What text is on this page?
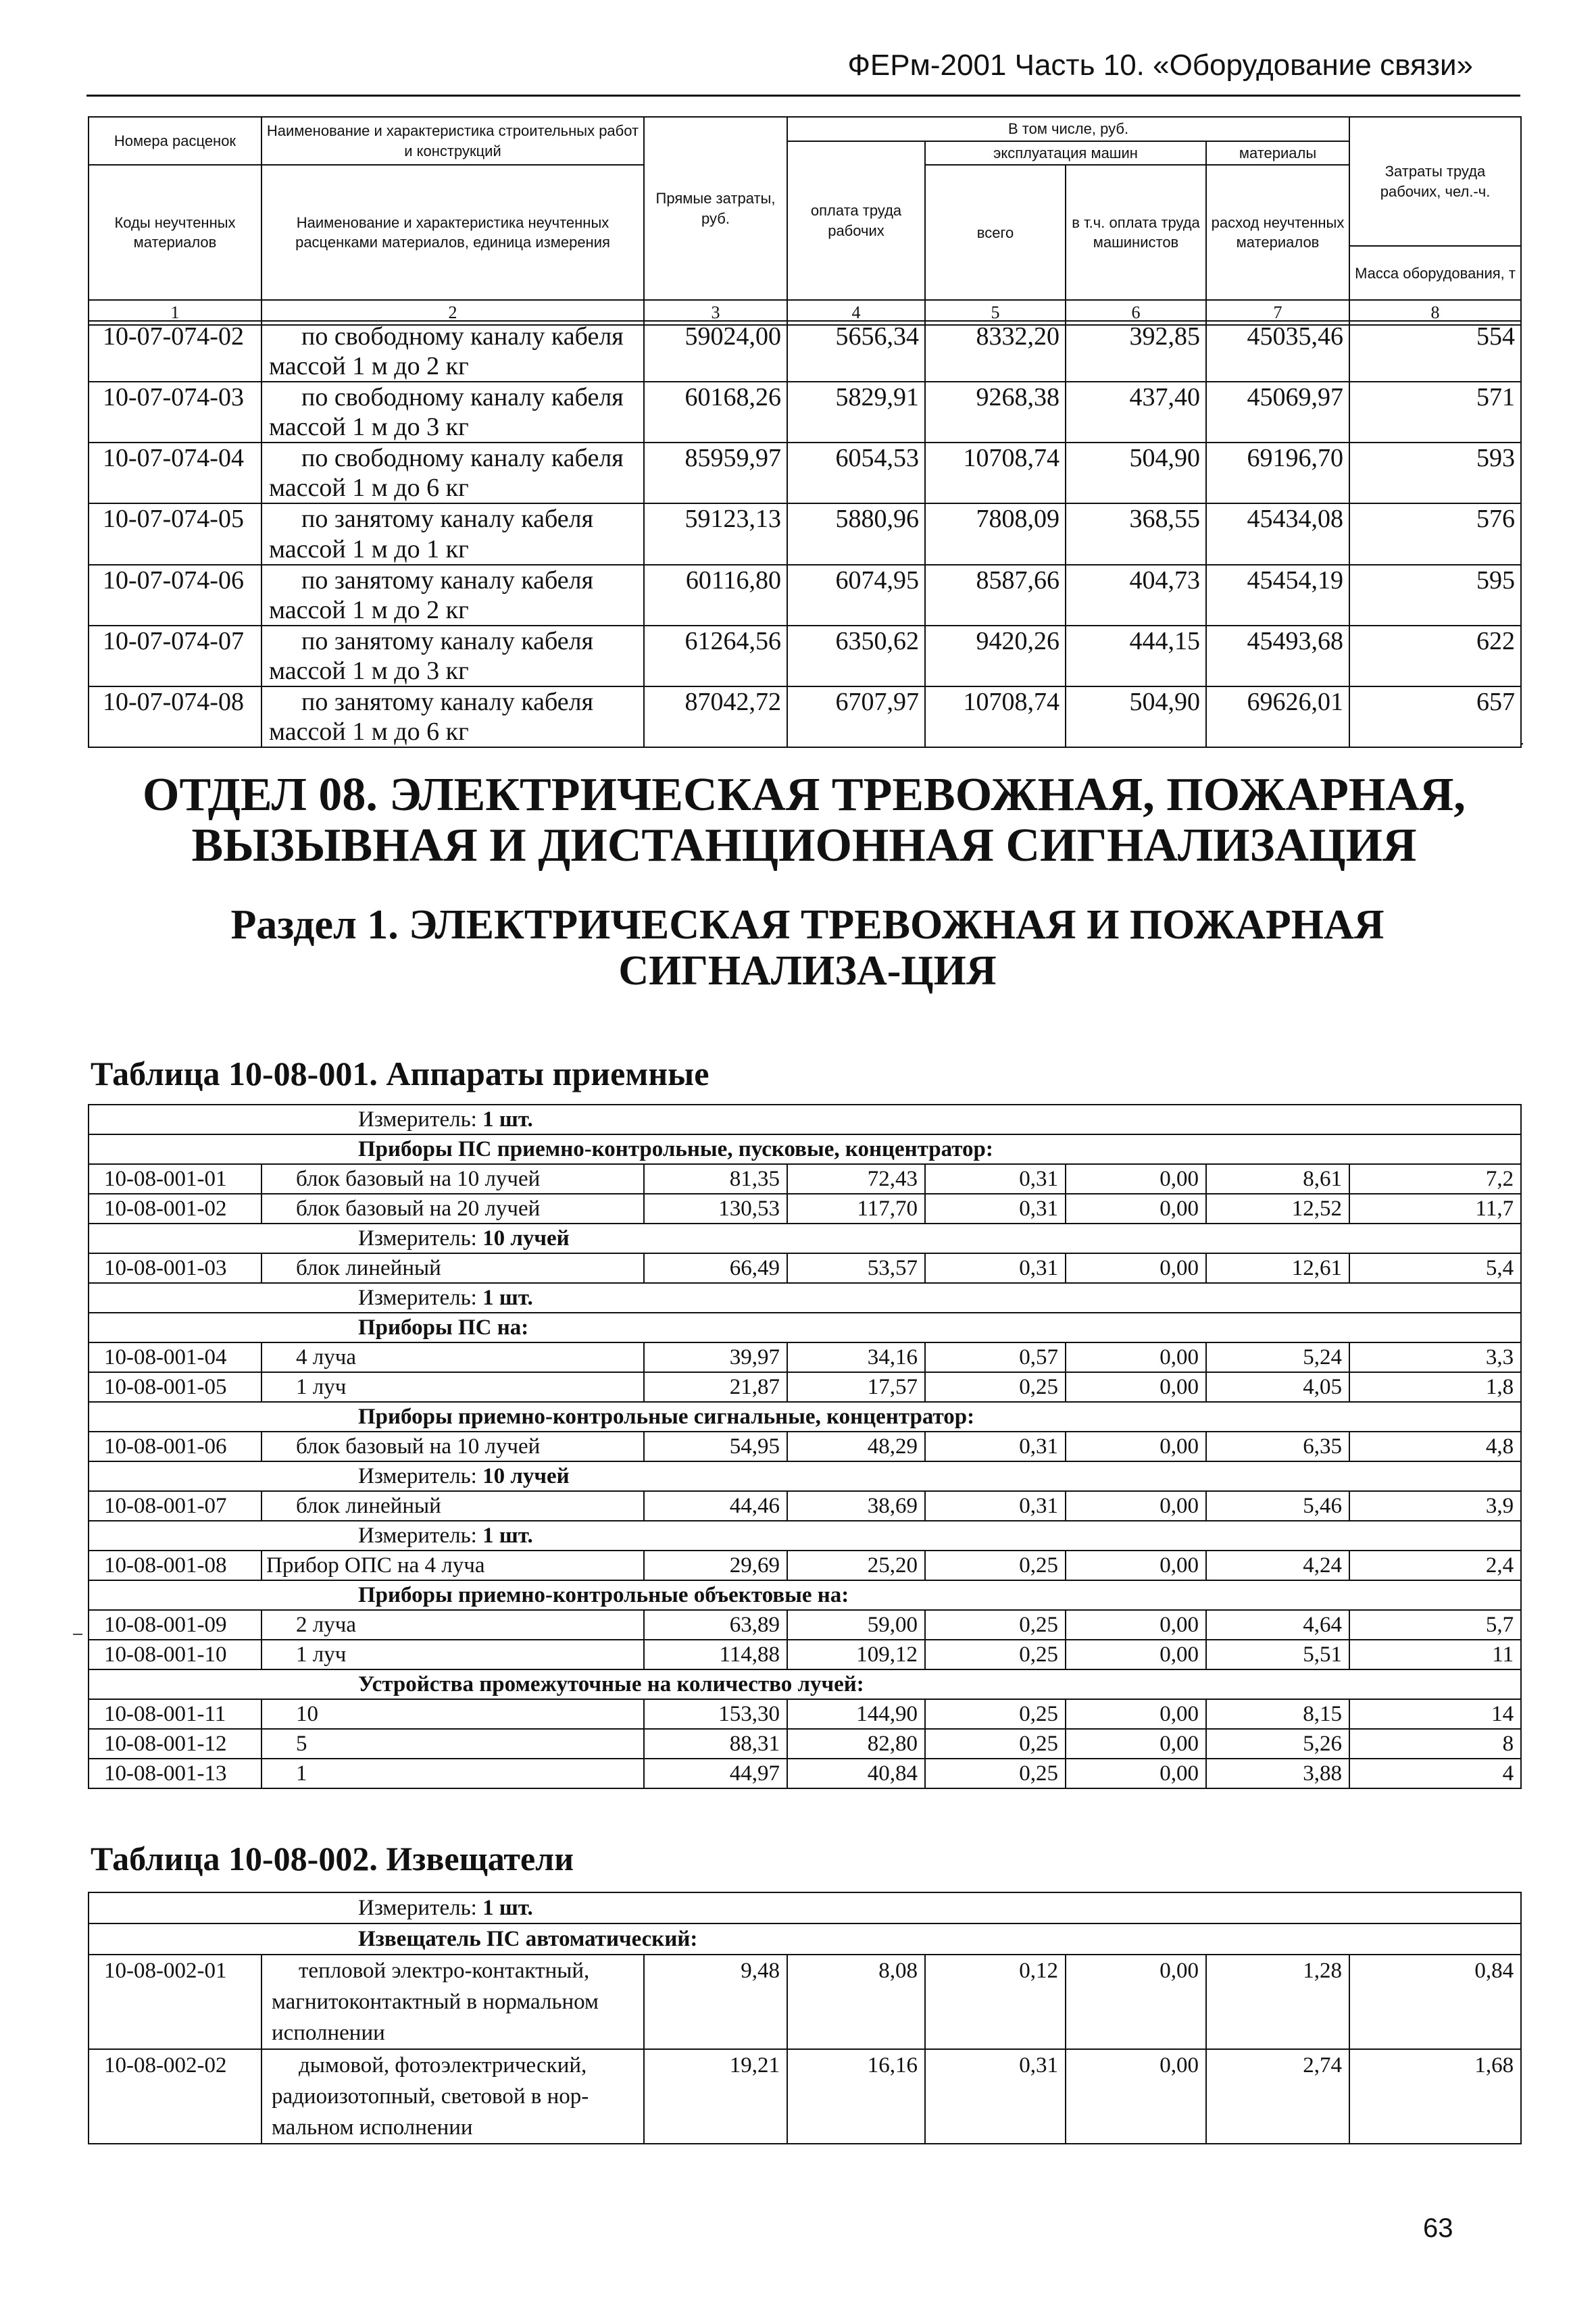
ФЕРм-2001 Часть 10. «Оборудование связи»
Номера расценок	Наименование и характеристика строительных работ и конструкций	Прямые затраты, руб.	В том числе, руб.				Затраты труда рабочих, чел.-ч.
			оплата труда рабочих	эксплуатация машин		материалы	
Коды неучтенных материалов	Наименование и характеристика неучтенных расценками материалов, единица измерения			всего	в т.ч. оплата труда машинистов	расход неучтенных материалов	
							Масса оборудования, т
1	2	3	4	5	6	7	8
10-07-074-02	по свободному каналу кабеля
массой 1 м до 2 кг	59024,00	5656,34	8332,20	392,85	45035,46	554
10-07-074-03	по свободному каналу кабеля
массой 1 м до 3 кг	60168,26	5829,91	9268,38	437,40	45069,97	571
10-07-074-04	по свободному каналу кабеля
массой 1 м до 6 кг	85959,97	6054,53	10708,74	504,90	69196,70	593
10-07-074-05	по занятому каналу кабеля
массой 1 м до 1 кг	59123,13	5880,96	7808,09	368,55	45434,08	576
10-07-074-06	по занятому каналу кабеля
массой 1 м до 2 кг	60116,80	6074,95	8587,66	404,73	45454,19	595
10-07-074-07	по занятому каналу кабеля
массой 1 м до 3 кг	61264,56	6350,62	9420,26	444,15	45493,68	622
10-07-074-08	по занятому каналу кабеля
массой 1 м до 6 кг	87042,72	6707,97	10708,74	504,90	69626,01	657
ОТДЕЛ 08. ЭЛЕКТРИЧЕСКАЯ ТРЕВОЖНАЯ, ПОЖАРНАЯ, ВЫЗЫВНАЯ И ДИСТАНЦИОННАЯ СИГНАЛИЗАЦИЯ
Раздел 1. ЭЛЕКТРИЧЕСКАЯ ТРЕВОЖНАЯ И ПОЖАРНАЯ СИГНАЛИЗА-ЦИЯ
Таблица 10-08-001. Аппараты приемные
Измеритель: 1 шт.							
Приборы ПС приемно-контрольные, пусковые, концентратор:							
10-08-001-01	блок базовый на 10 лучей	81,35	72,43	0,31	0,00	8,61	7,2
10-08-001-02	блок базовый на 20 лучей	130,53	117,70	0,31	0,00	12,52	11,7
Измеритель: 10 лучей							
10-08-001-03	блок линейный	66,49	53,57	0,31	0,00	12,61	5,4
Измеритель: 1 шт.							
Приборы ПС на:							
10-08-001-04	4 луча	39,97	34,16	0,57	0,00	5,24	3,3
10-08-001-05	1 луч	21,87	17,57	0,25	0,00	4,05	1,8
Приборы приемно-контрольные сигнальные, концентратор:							
10-08-001-06	блок базовый на 10 лучей	54,95	48,29	0,31	0,00	6,35	4,8
Измеритель: 10 лучей							
10-08-001-07	блок линейный	44,46	38,69	0,31	0,00	5,46	3,9
Измеритель: 1 шт.							
10-08-001-08	Прибор ОПС на 4 луча	29,69	25,20	0,25	0,00	4,24	2,4
Приборы приемно-контрольные объектовые на:							
10-08-001-09	2 луча	63,89	59,00	0,25	0,00	4,64	5,7
10-08-001-10	1 луч	114,88	109,12	0,25	0,00	5,51	11
Устройства промежуточные на количество лучей:							
10-08-001-11	10	153,30	144,90	0,25	0,00	8,15	14
10-08-001-12	5	88,31	82,80	0,25	0,00	5,26	8
10-08-001-13	1	44,97	40,84	0,25	0,00	3,88	4
Таблица 10-08-002. Извещатели
Измеритель: 1 шт.							
Извещатель ПС автоматический:							
10-08-002-01	тепловой электро-контактный,
магнитоконтактный в нормальном
исполнении	9,48	8,08	0,12	0,00	1,28	0,84
10-08-002-02	дымовой, фотоэлектрический,
радиоизотопный, световой в нор-
мальном исполнении	19,21	16,16	0,31	0,00	2,74	1,68
63
